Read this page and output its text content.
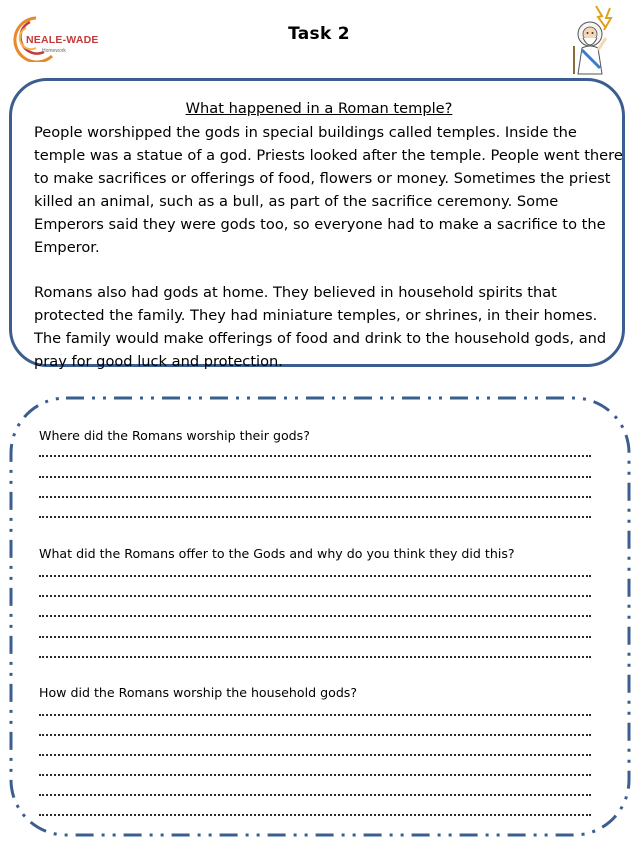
NEALE-WADE
Homework
Task 2
What happened in a Roman temple?

People worshipped the gods in special buildings called temples. Inside the temple was a statue of a god. Priests looked after the temple. People went there to make sacrifices or offerings of food, flowers or money. Sometimes the priest killed an animal, such as a bull, as part of the sacrifice ceremony. Some Emperors said they were gods too, so everyone had to make a sacrifice to the Emperor.

Romans also had gods at home. They believed in household spirits that protected the family. They had miniature temples, or shrines, in their homes. The family would make offerings of food and drink to the household gods, and pray for good luck and protection.

Where did the Romans worship their gods?

What did the Romans offer to the Gods and why do you think they did this?

How did the Romans worship the household gods?
